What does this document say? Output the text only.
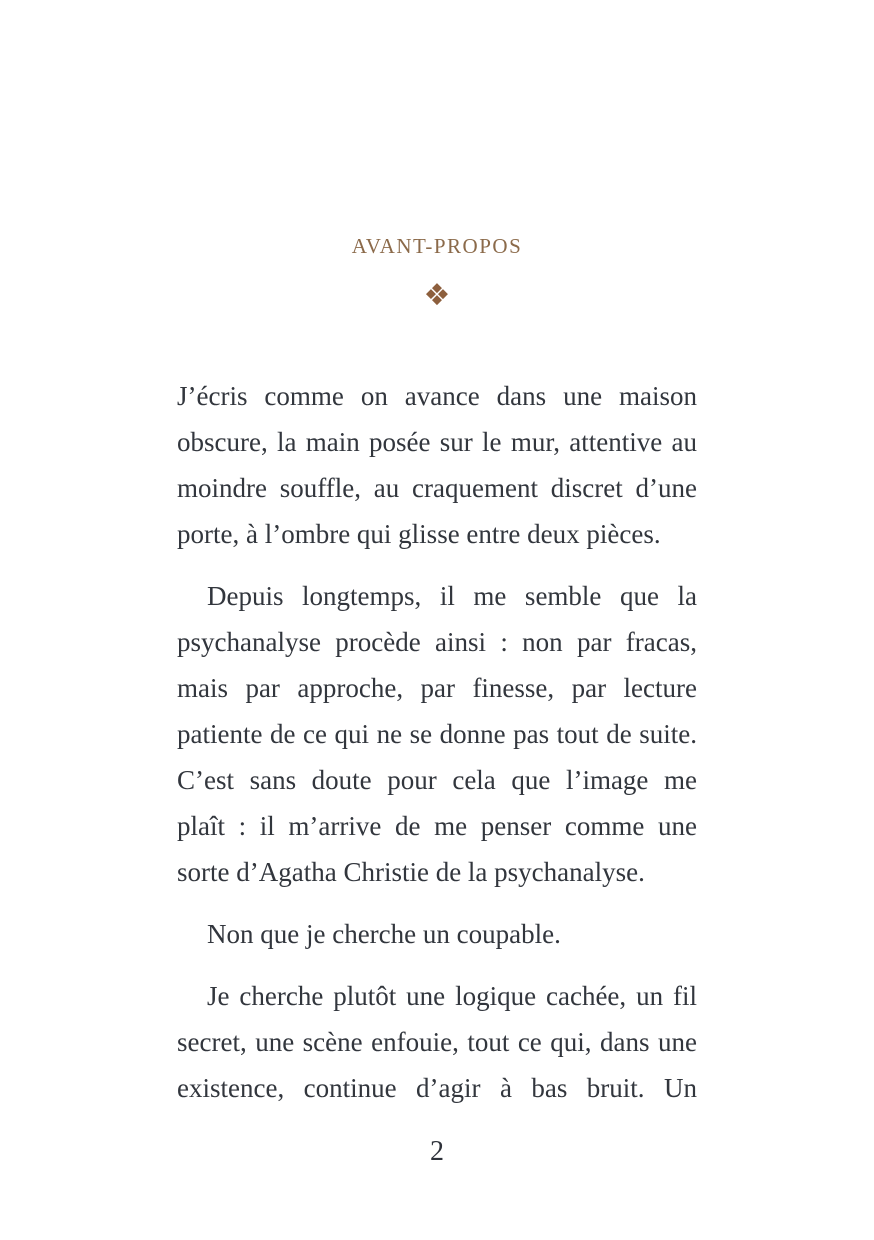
AVANT-PROPOS
❖

J’écris comme on avance dans une maison obscure, la main posée sur le mur, attentive au moindre souffle, au craquement discret d’une porte, à l’ombre qui glisse entre deux pièces.

Depuis longtemps, il me semble que la psychanalyse procède ainsi : non par fracas, mais par approche, par finesse, par lecture patiente de ce qui ne se donne pas tout de suite. C’est sans doute pour cela que l’image me plaît : il m’arrive de me penser comme une sorte d’Agatha Christie de la psychanalyse.

Non que je cherche un coupable.

Je cherche plutôt une logique cachée, un fil secret, une scène enfouie, tout ce qui, dans une existence, continue d’agir à bas bruit. Un

2
